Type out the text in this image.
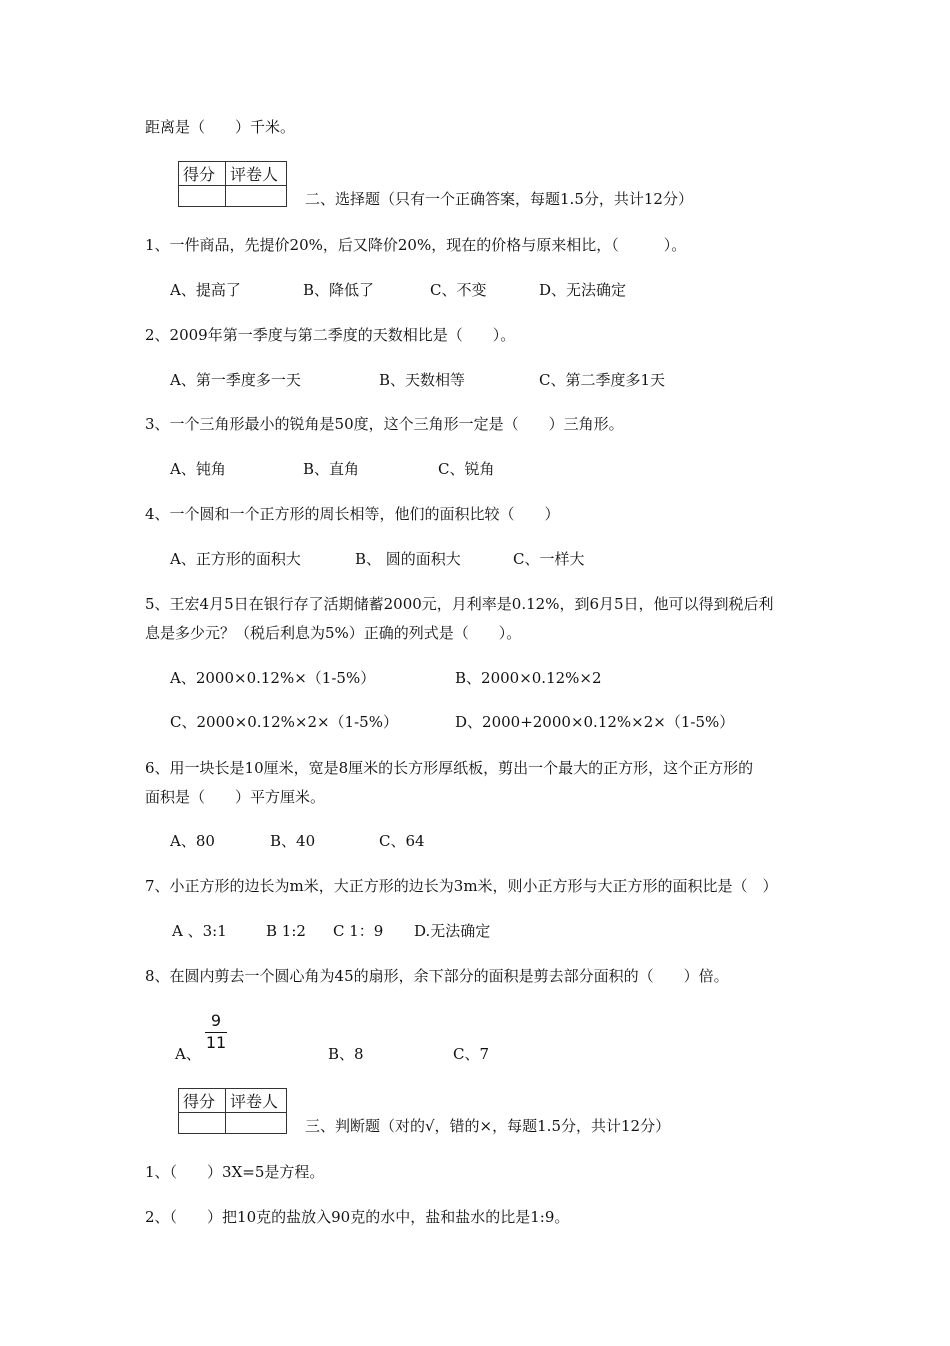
距离是（　　）千米。
得分	评卷人

二、选择题（只有一个正确答案，每题1.5分，共计12分）
1、一件商品，先提价20%，后又降价20%，现在的价格与原来相比，（　　　）。
A、提高了	B、降低了	C、不变	D、无法确定
2、2009年第一季度与第二季度的天数相比是（　　）。
A、第一季度多一天	B、天数相等	C、第二季度多1天
3、一个三角形最小的锐角是50度，这个三角形一定是（　　）三角形。
A、钝角	B、直角	C、锐角
4、一个圆和一个正方形的周长相等，他们的面积比较（　　）
A、正方形的面积大	B、 圆的面积大	C、一样大
5、王宏4月5日在银行存了活期储蓄2000元，月利率是0.12%，到6月5日，他可以得到税后利
息是多少元？（税后利息为5%）正确的列式是（　　）。
A、2000×0.12%×（1-5%）	B、2000×0.12%×2
C、2000×0.12%×2×（1-5%）	D、2000+2000×0.12%×2×（1-5%）
6、用一块长是10厘米，宽是8厘米的长方形厚纸板，剪出一个最大的正方形，这个正方形的
面积是（　　）平方厘米。
A、80	B、40	C、64
7、小正方形的边长为m米，大正方形的边长为3m米，则小正方形与大正方形的面积比是（　）
A 、3:1	B 1:2 C 1：9 D.无法确定
8、在圆内剪去一个圆心角为45的扇形，余下部分的面积是剪去部分面积的（　　）倍。
A、
9
11
B、8	C、7
得分	评卷人

三、判断题（对的√，错的×，每题1.5分，共计12分）
1、（　　）3X=5是方程。
2、（　　）把10克的盐放入90克的水中，盐和盐水的比是1:9。
